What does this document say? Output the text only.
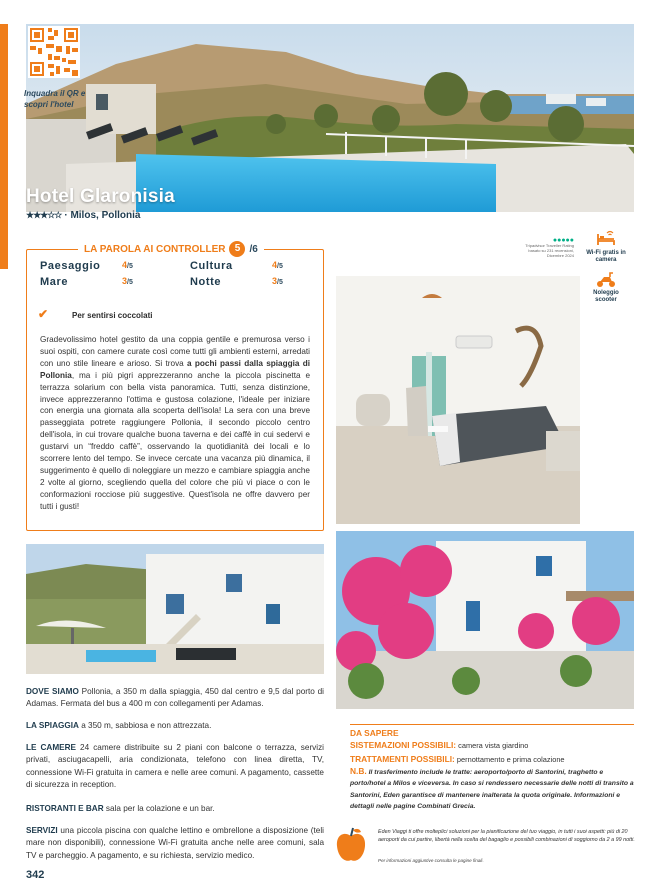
Inquadra il QR e scopri l'hotel
Hotel Glaronisia
★★★☆☆ · Milos, Pollonia
LA PAROLA AI CONTROLLER 5 /6
Paesaggio	4/5	Cultura	4/5
Mare	3/5	Notte	3/5
✔	Per sentirsi coccolati
Gradevolissimo hotel gestito da una coppia gentile e premurosa verso i suoi ospiti, con camere curate così come tutti gli ambienti esterni, arredati con uno stile lineare e arioso. Si trova a pochi passi dalla spiaggia di Pollonia, ma i più pigri apprezzeranno anche la piccola piscinetta e terrazza solarium con bella vista panoramica. Tutti, senza distinzione, invece apprezzeranno l'ottima e gustosa colazione, l'ideale per iniziare con energia una giornata alla scoperta dell'isola! La sera con una breve passeggiata potrete raggiungere Pollonia, il secondo piccolo centro dell'isola, in cui trovare qualche buona taverna e dei caffè in cui sedervi e gustarvi un “freddo caffè”, osservando la quotidianità dei locali e lo scorrere lento del tempo. Se invece cercate una vacanza più dinamica, il suggerimento è quello di noleggiare un mezzo e cambiare spiaggia anche 2 volte al giorno, scegliendo quella del colore che più vi piace o con le conformazioni rocciose più suggestive. Quest'isola ne offre davvero per tutti i gusti!
●●●●●
Tripadvisor Traveller Rating
basato su 231 recensioni, Dicembre 2024	Wi-Fi gratis in camera
Noleggio scooter
DOVE SIAMO Pollonia, a 350 m dalla spiaggia, 450 dal centro e 9,5 dal porto di Adamas. Fermata del bus a 400 m con collegamenti per Adamas.
LA SPIAGGIA a 350 m, sabbiosa e non attrezzata.
LE CAMERE 24 camere distribuite su 2 piani con balcone o terrazza, servizi privati, asciugacapelli, aria condizionata, telefono con linea diretta, TV, connessione Wi-Fi gratuita in camera e nelle aree comuni. A pagamento, cassette di sicurezza in reception.
RISTORANTI E BAR sala per la colazione e un bar.
SERVIZI una piccola piscina con qualche lettino e ombrellone a disposizione (teli mare non disponibili), connessione Wi-Fi gratuita anche nelle aree comuni, sala TV e parcheggio. A pagamento, e su richiesta, servizio medico.
342
DA SAPERE
SISTEMAZIONI POSSIBILI: camera vista giardino
TRATTAMENTI POSSIBILI: pernottamento e prima colazione
N.B. Il trasferimento include le tratte: aeroporto/porto di Santorini, traghetto e porto/hotel a Milos e viceversa. In caso si rendessero necessarie delle notti di transito a Santorini, Eden garantisce di mantenere inalterata la quota originale. Informazioni e dettagli nelle pagine Combinati Grecia.
Eden Viaggi ti offre molteplici soluzioni per la pianificazione del tuo viaggio, in tutti i suoi aspetti: più di 20 aeroporti da cui partire, libertà nella scelta del bagaglio e possibili combinazioni di soggiorno da 2 a 99 notti.
Per informazioni aggiuntive consulta le pagine finali.
